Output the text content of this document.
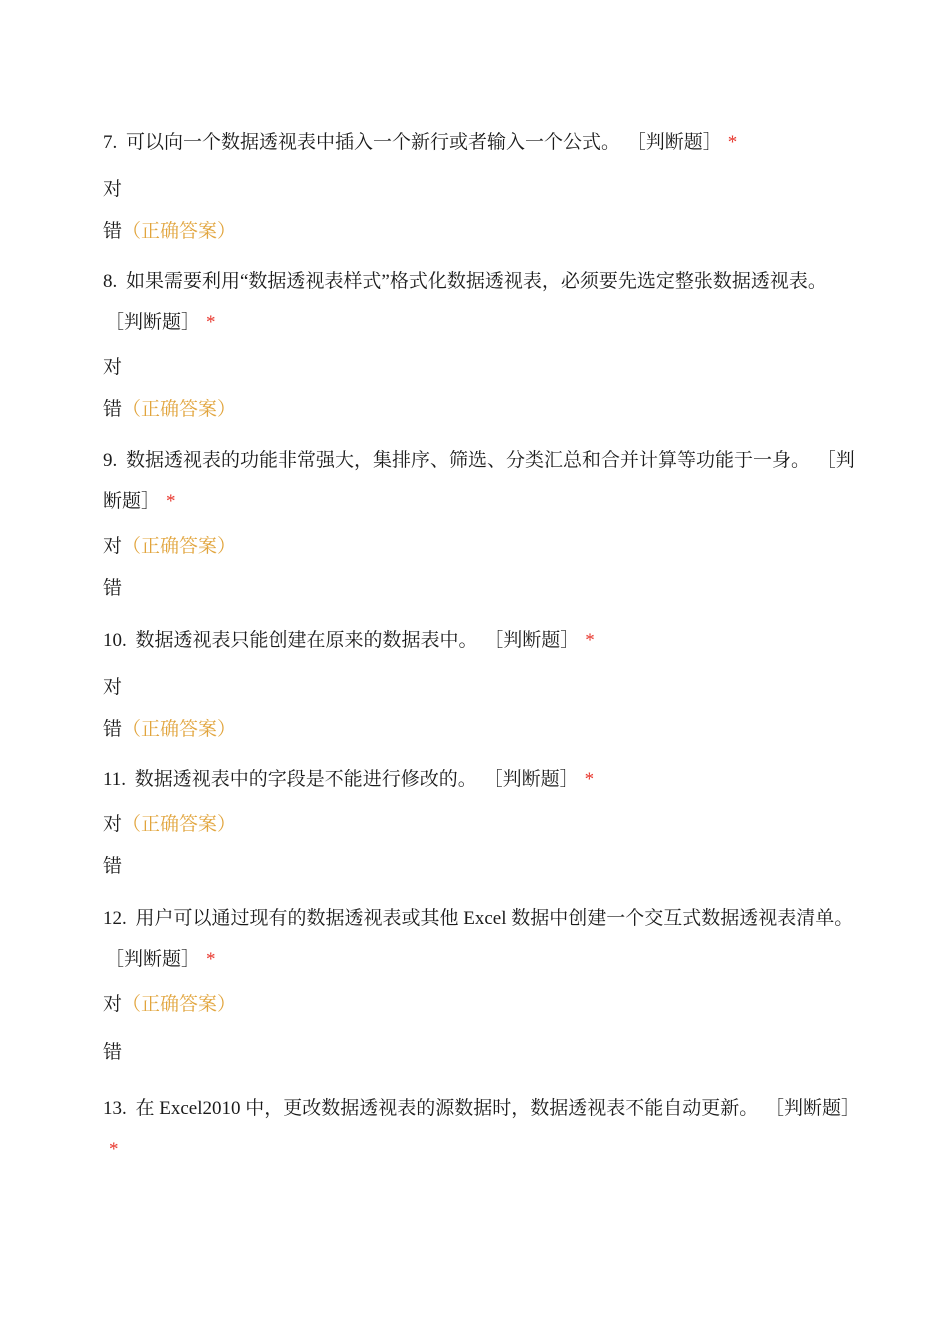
7. 可以向一个数据透视表中插入一个新行或者输入一个公式。 ［判断题］ *

对

错（正确答案）

8. 如果需要利用“数据透视表样式”格式化数据透视表，必须要先选定整张数据透视表。 ［判断题］ *

对

错（正确答案）

9. 数据透视表的功能非常强大，集排序、筛选、分类汇总和合并计算等功能于一身。 ［判断题］ *

对（正确答案）

错

10. 数据透视表只能创建在原来的数据表中。 ［判断题］ *

对

错（正确答案）

11. 数据透视表中的字段是不能进行修改的。 ［判断题］ *

对（正确答案）

错

12. 用户可以通过现有的数据透视表或其他 Excel 数据中创建一个交互式数据透视表清单。 ［判断题］ *

对（正确答案）

错

13. 在 Excel2010 中，更改数据透视表的源数据时，数据透视表不能自动更新。 ［判断题］*
